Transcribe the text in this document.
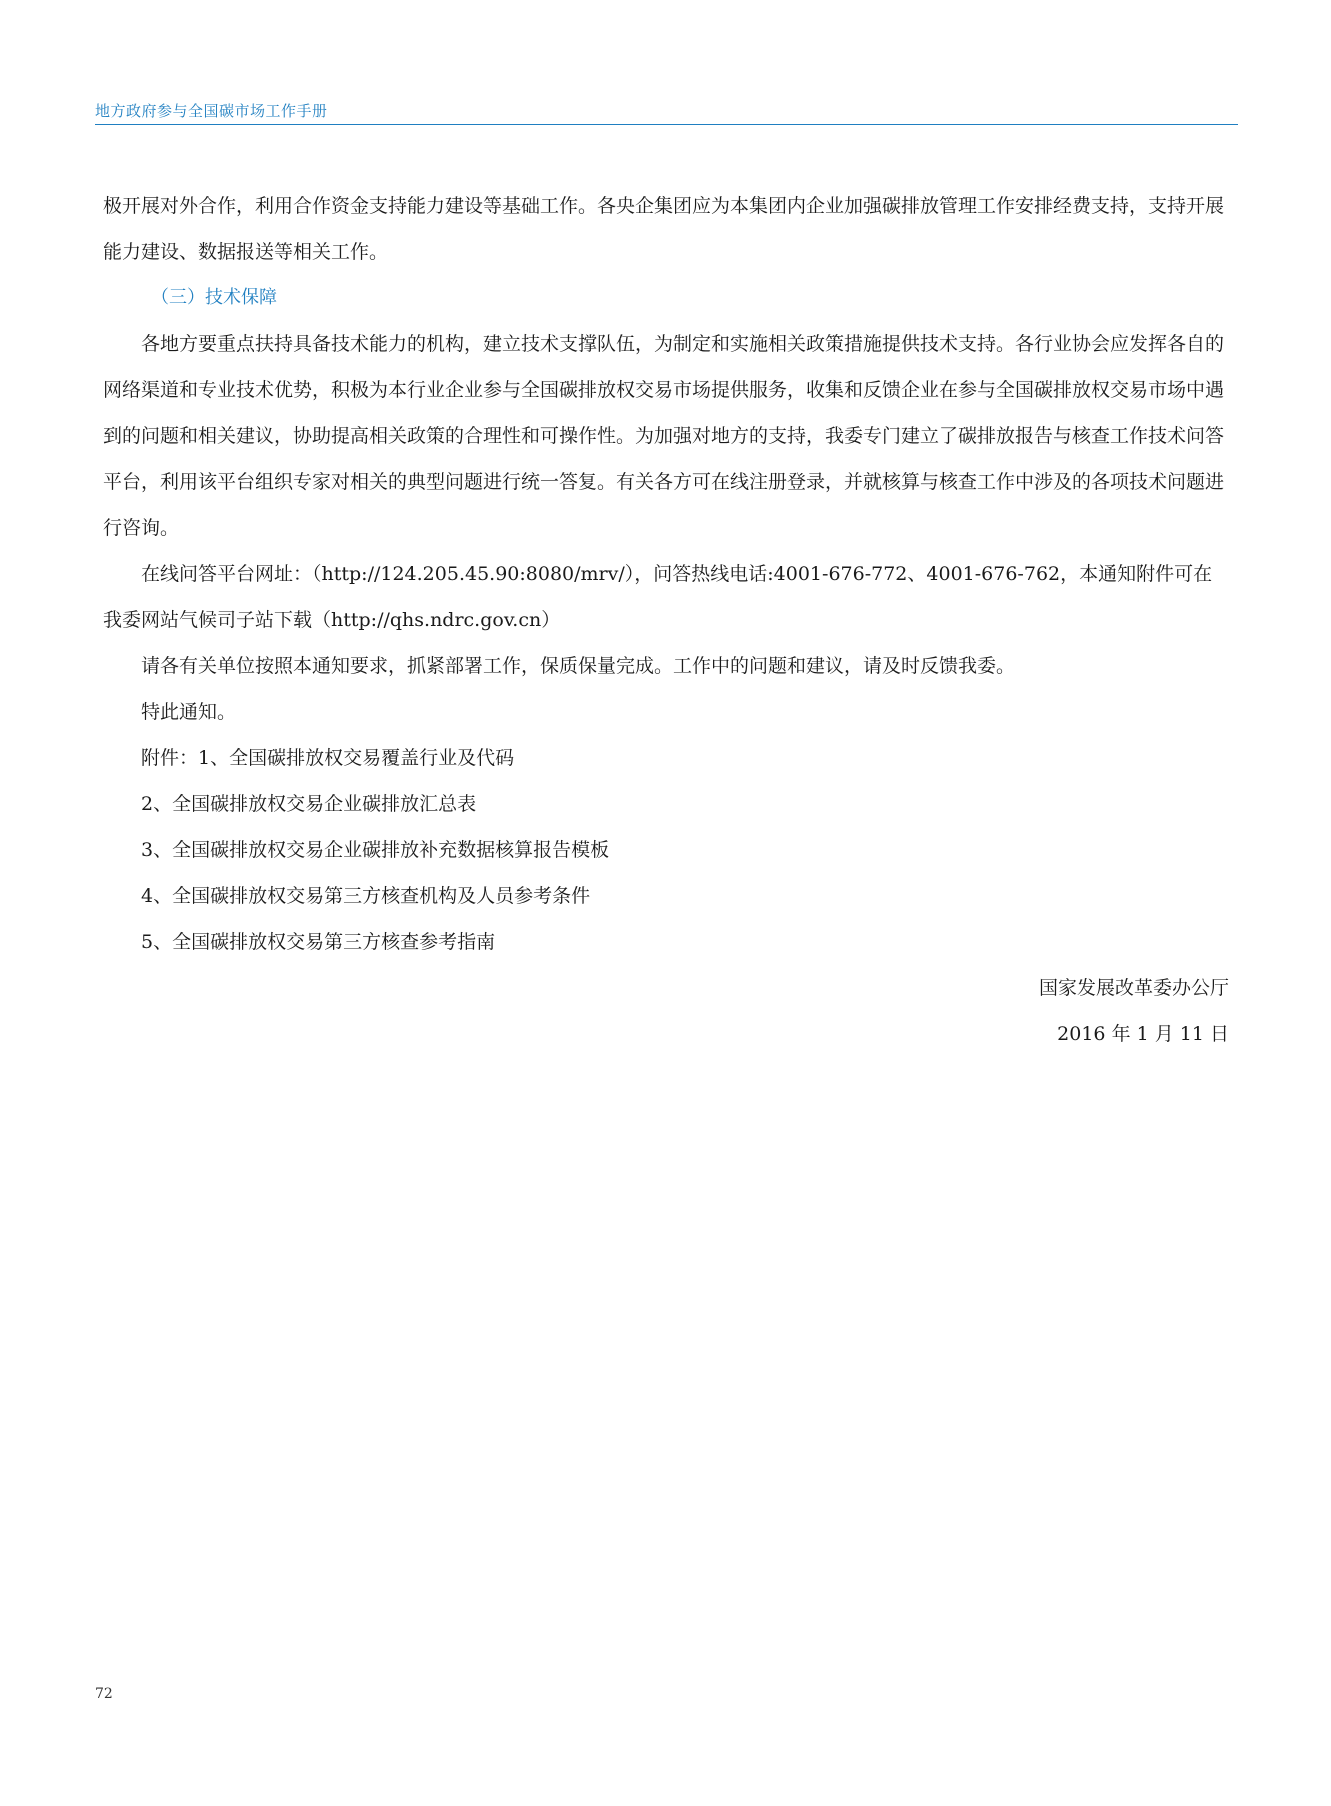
地方政府参与全国碳市场工作手册

极开展对外合作，利用合作资金支持能力建设等基础工作。各央企集团应为本集团内企业加强碳排放管理工作安排经费支持，支持开展能力建设、数据报送等相关工作。

（三）技术保障

各地方要重点扶持具备技术能力的机构，建立技术支撑队伍，为制定和实施相关政策措施提供技术支持。各行业协会应发挥各自的网络渠道和专业技术优势，积极为本行业企业参与全国碳排放权交易市场提供服务，收集和反馈企业在参与全国碳排放权交易市场中遇到的问题和相关建议，协助提高相关政策的合理性和可操作性。为加强对地方的支持，我委专门建立了碳排放报告与核查工作技术问答平台，利用该平台组织专家对相关的典型问题进行统一答复。有关各方可在线注册登录，并就核算与核查工作中涉及的各项技术问题进行咨询。

在线问答平台网址：（http://124.205.45.90:8080/mrv/），问答热线电话:4001-676-772、4001-676-762，本通知附件可在我委网站气候司子站下载（http://qhs.ndrc.gov.cn）

请各有关单位按照本通知要求，抓紧部署工作，保质保量完成。工作中的问题和建议，请及时反馈我委。

特此通知。

附件：1、全国碳排放权交易覆盖行业及代码

2、全国碳排放权交易企业碳排放汇总表

3、全国碳排放权交易企业碳排放补充数据核算报告模板

4、全国碳排放权交易第三方核查机构及人员参考条件

5、全国碳排放权交易第三方核查参考指南

国家发展改革委办公厅

2016 年 1 月 11 日

72
